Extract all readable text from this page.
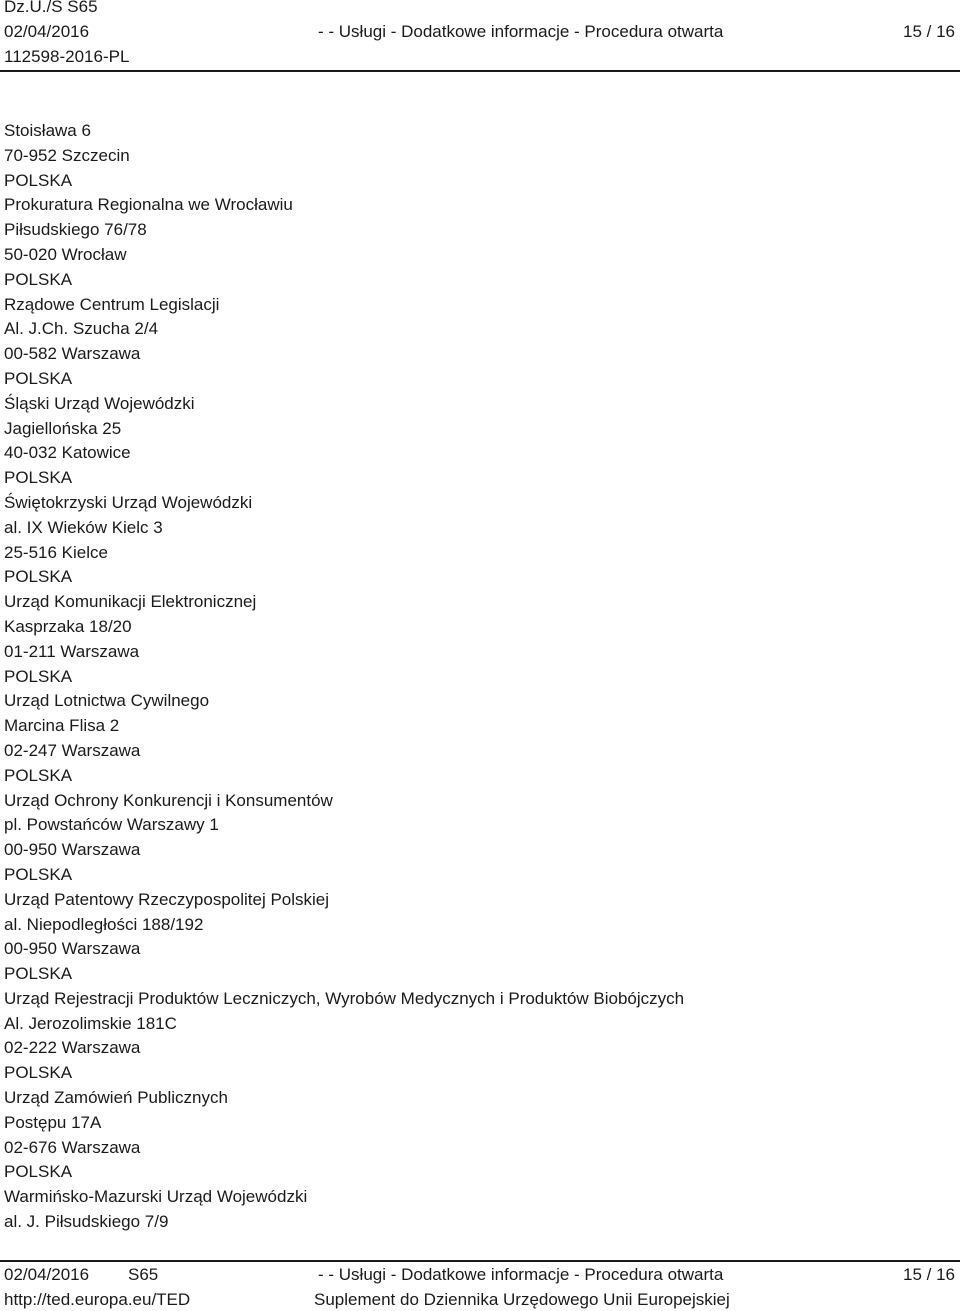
Dz.U./S S65
02/04/2016	- - Usługi - Dodatkowe informacje - Procedura otwarta	15 / 16
112598-2016-PL
Stoisława 6
70-952 Szczecin
POLSKA
Prokuratura Regionalna we Wrocławiu
Piłsudskiego 76/78
50-020 Wrocław
POLSKA
Rządowe Centrum Legislacji
Al. J.Ch. Szucha 2/4
00-582 Warszawa
POLSKA
Śląski Urząd Wojewódzki
Jagiellońska 25
40-032 Katowice
POLSKA
Świętokrzyski Urząd Wojewódzki
al. IX Wieków Kielc 3
25-516 Kielce
POLSKA
Urząd Komunikacji Elektronicznej
Kasprzaka 18/20
01-211 Warszawa
POLSKA
Urząd Lotnictwa Cywilnego
Marcina Flisa 2
02-247 Warszawa
POLSKA
Urząd Ochrony Konkurencji i Konsumentów
pl. Powstańców Warszawy 1
00-950 Warszawa
POLSKA
Urząd Patentowy Rzeczypospolitej Polskiej
al. Niepodległości 188/192
00-950 Warszawa
POLSKA
Urząd Rejestracji Produktów Leczniczych, Wyrobów Medycznych i Produktów Biobójczych
Al. Jerozolimskie 181C
02-222 Warszawa
POLSKA
Urząd Zamówień Publicznych
Postępu 17A
02-676 Warszawa
POLSKA
Warmińsko-Mazurski Urząd Wojewódzki
al. J. Piłsudskiego 7/9
02/04/2016 S65	- - Usługi - Dodatkowe informacje - Procedura otwarta	15 / 16
http://ted.europa.eu/TED	Suplement do Dziennika Urzędowego Unii Europejskiej
